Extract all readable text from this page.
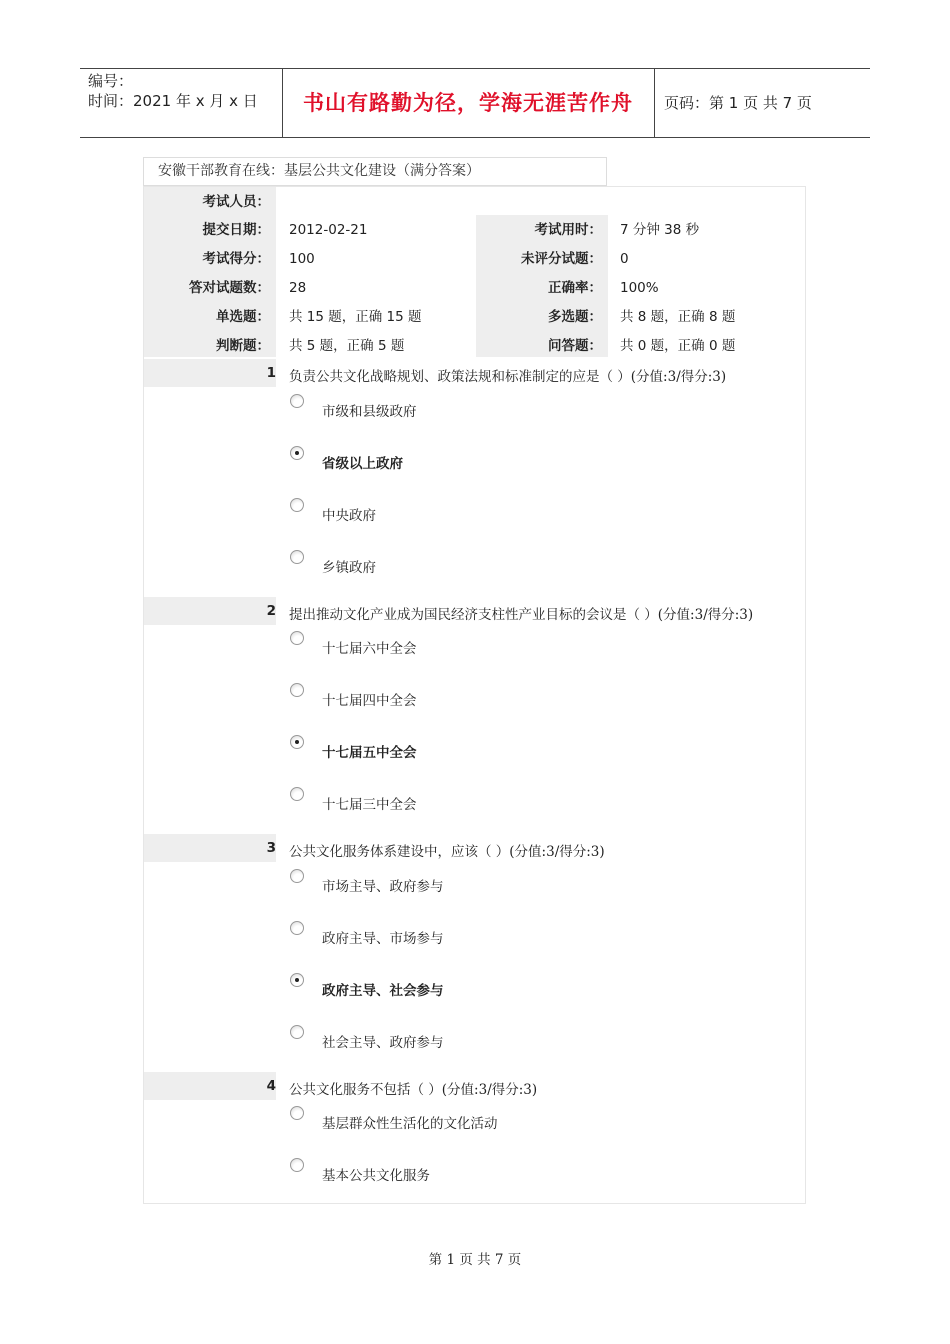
编号：
时间：2021 年 x 月 x 日	书山有路勤为径，学海无涯苦作舟	页码：第 1 页 共 7 页
安徽干部教育在线：基层公共文化建设（满分答案）
考试人员：
提交日期： 2012-02-21	考试用时： 7 分钟 38 秒
考试得分： 100	未评分试题： 0
答对试题数： 28	正确率： 100%
单选题： 共 15 题，正确 15 题	多选题： 共 8 题，正确 8 题
判断题： 共 5 题，正确 5 题	问答题： 共 0 题，正确 0 题
1 负责公共文化战略规划、政策法规和标准制定的应是（ ）(分值:3/得分:3)
市级和县级政府
省级以上政府
中央政府
乡镇政府
2 提出推动文化产业成为国民经济支柱性产业目标的会议是（ ）(分值:3/得分:3)
十七届六中全会
十七届四中全会
十七届五中全会
十七届三中全会
3 公共文化服务体系建设中，应该（ ）(分值:3/得分:3)
市场主导、政府参与
政府主导、市场参与
政府主导、社会参与
社会主导、政府参与
4 公共文化服务不包括（ ）(分值:3/得分:3)
基层群众性生活化的文化活动
基本公共文化服务
第 1 页 共 7 页
